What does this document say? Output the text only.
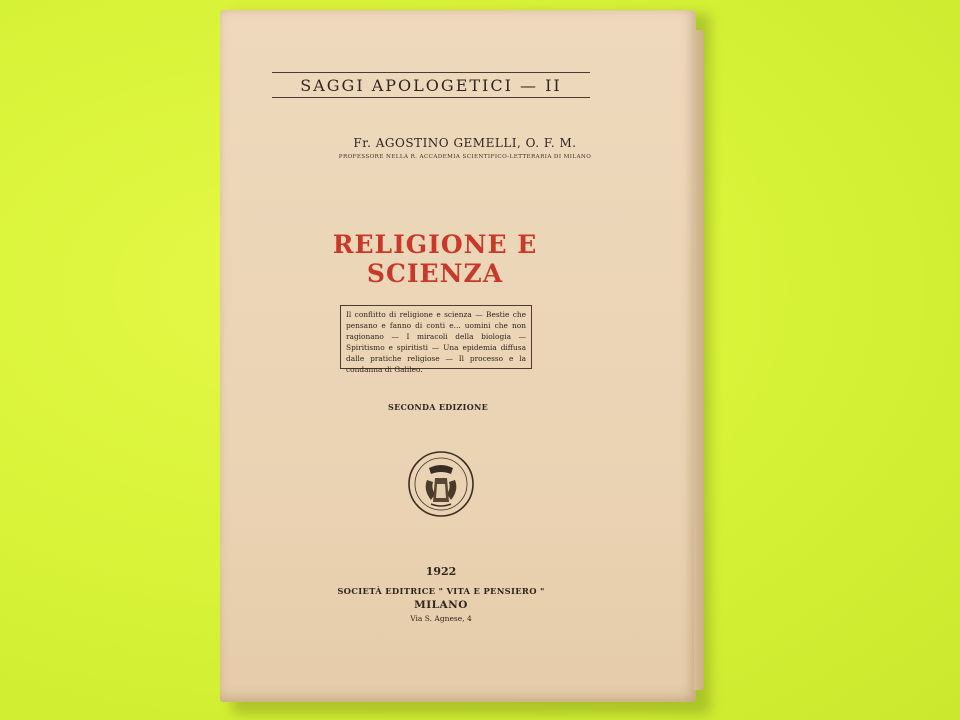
SAGGI APOLOGETICI — II
Fr. AGOSTINO GEMELLI, O. F. M.
PROFESSORE NELLA R. ACCADEMIA SCIENTIFICO-LETTERARIA DI MILANO
RELIGIONE E SCIENZA
Il conflitto di religione e scienza — Bestie che pensano e fanno di conti e... uomini che non ragionano — I miracoli della biologia — Spiritismo e spiritisti — Una epidemia diffusa dalle pratiche religiose — Il processo e la condanna di Galileo.
SECONDA EDIZIONE
1922
SOCIETÀ EDITRICE " VITA E PENSIERO "
MILANO
Via S. Agnese, 4
